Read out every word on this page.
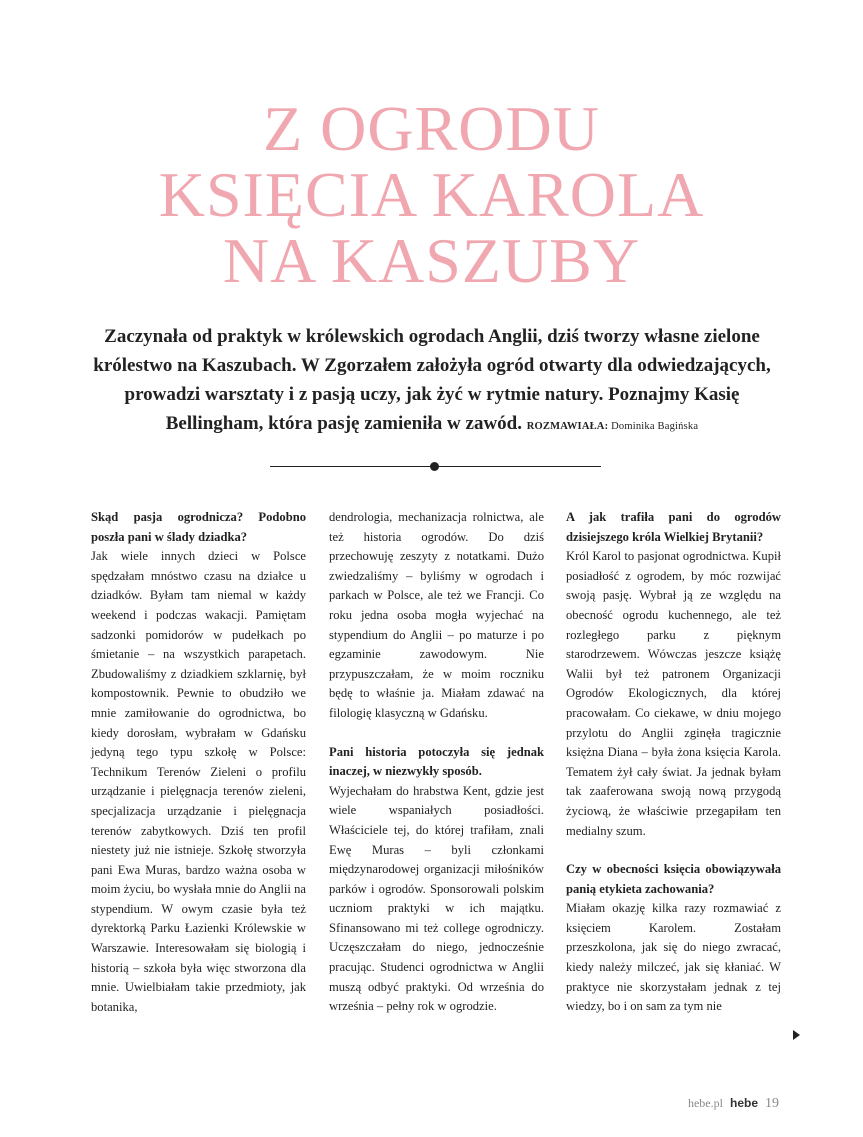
Z OGRODU
KSIĘCIA KAROLA
NA KASZUBY
Zaczynała od praktyk w królewskich ogrodach Anglii, dziś tworzy własne zielone królestwo na Kaszubach. W Zgorzałem założyła ogród otwarty dla odwiedzających, prowadzi warsztaty i z pasją uczy, jak żyć w rytmie natury. Poznajmy Kasię Bellingham, która pasję zamieniła w zawód. ROZMAWIAŁA: Dominika Bagińska

Skąd pasja ogrodnicza? Podobno poszła pani w ślady dziadka?

Jak wiele innych dzieci w Polsce spędzałam mnóstwo czasu na działce u dziadków. Byłam tam niemal w każdy weekend i podczas wakacji. Pamiętam sadzonki pomidorów w pudełkach po śmietanie – na wszystkich parapetach. Zbudowaliśmy z dziadkiem szklarnię, był kompostownik. Pewnie to obudziło we mnie zamiłowanie do ogrodnictwa, bo kiedy dorosłam, wybrałam w Gdańsku jedyną tego typu szkołę w Polsce: Technikum Terenów Zieleni o profilu urządzanie i pielęgnacja terenów zieleni, specjalizacja urządzanie i pielęgnacja terenów zabytkowych. Dziś ten profil niestety już nie istnieje. Szkołę stworzyła pani Ewa Muras, bardzo ważna osoba w moim życiu, bo wysłała mnie do Anglii na stypendium. W owym czasie była też dyrektorką Parku Łazienki Królewskie w Warszawie. Interesowałam się biologią i historią – szkoła była więc stworzona dla mnie. Uwielbiałam takie przedmioty, jak botanika,

dendrologia, mechanizacja rolnictwa, ale też historia ogrodów. Do dziś przechowuję zeszyty z notatkami. Dużo zwiedzaliśmy – byliśmy w ogrodach i parkach w Polsce, ale też we Francji. Co roku jedna osoba mogła wyjechać na stypendium do Anglii – po maturze i po egzaminie zawodowym. Nie przypuszczałam, że w moim roczniku będę to właśnie ja. Miałam zdawać na filologię klasyczną w Gdańsku.

Pani historia potoczyła się jednak inaczej, w niezwykły sposób.

Wyjechałam do hrabstwa Kent, gdzie jest wiele wspaniałych posiadłości. Właściciele tej, do której trafiłam, znali Ewę Muras – byli członkami międzynarodowej organizacji miłośników parków i ogrodów. Sponsorowali polskim uczniom praktyki w ich majątku. Sfinansowano mi też college ogrodniczy. Uczęszczałam do niego, jednocześnie pracując. Studenci ogrodnictwa w Anglii muszą odbyć praktyki. Od września do września – pełny rok w ogrodzie.

A jak trafiła pani do ogrodów dzisiejszego króla Wielkiej Brytanii?

Król Karol to pasjonat ogrodnictwa. Kupił posiadłość z ogrodem, by móc rozwijać swoją pasję. Wybrał ją ze względu na obecność ogrodu kuchennego, ale też rozległego parku z pięknym starodrzewem. Wówczas jeszcze książę Walii był też patronem Organizacji Ogrodów Ekologicznych, dla której pracowałam. Co ciekawe, w dniu mojego przylotu do Anglii zginęła tragicznie księżna Diana – była żona księcia Karola. Tematem żył cały świat. Ja jednak byłam tak zaaferowana swoją nową przygodą życiową, że właściwie przegapiłam ten medialny szum.

Czy w obecności księcia obowiązywała panią etykieta zachowania?

Miałam okazję kilka razy rozmawiać z księciem Karolem. Zostałam przeszkolona, jak się do niego zwracać, kiedy należy milczeć, jak się kłaniać. W praktyce nie skorzystałam jednak z tej wiedzy, bo i on sam za tym nie

hebe.pl hebe 19
